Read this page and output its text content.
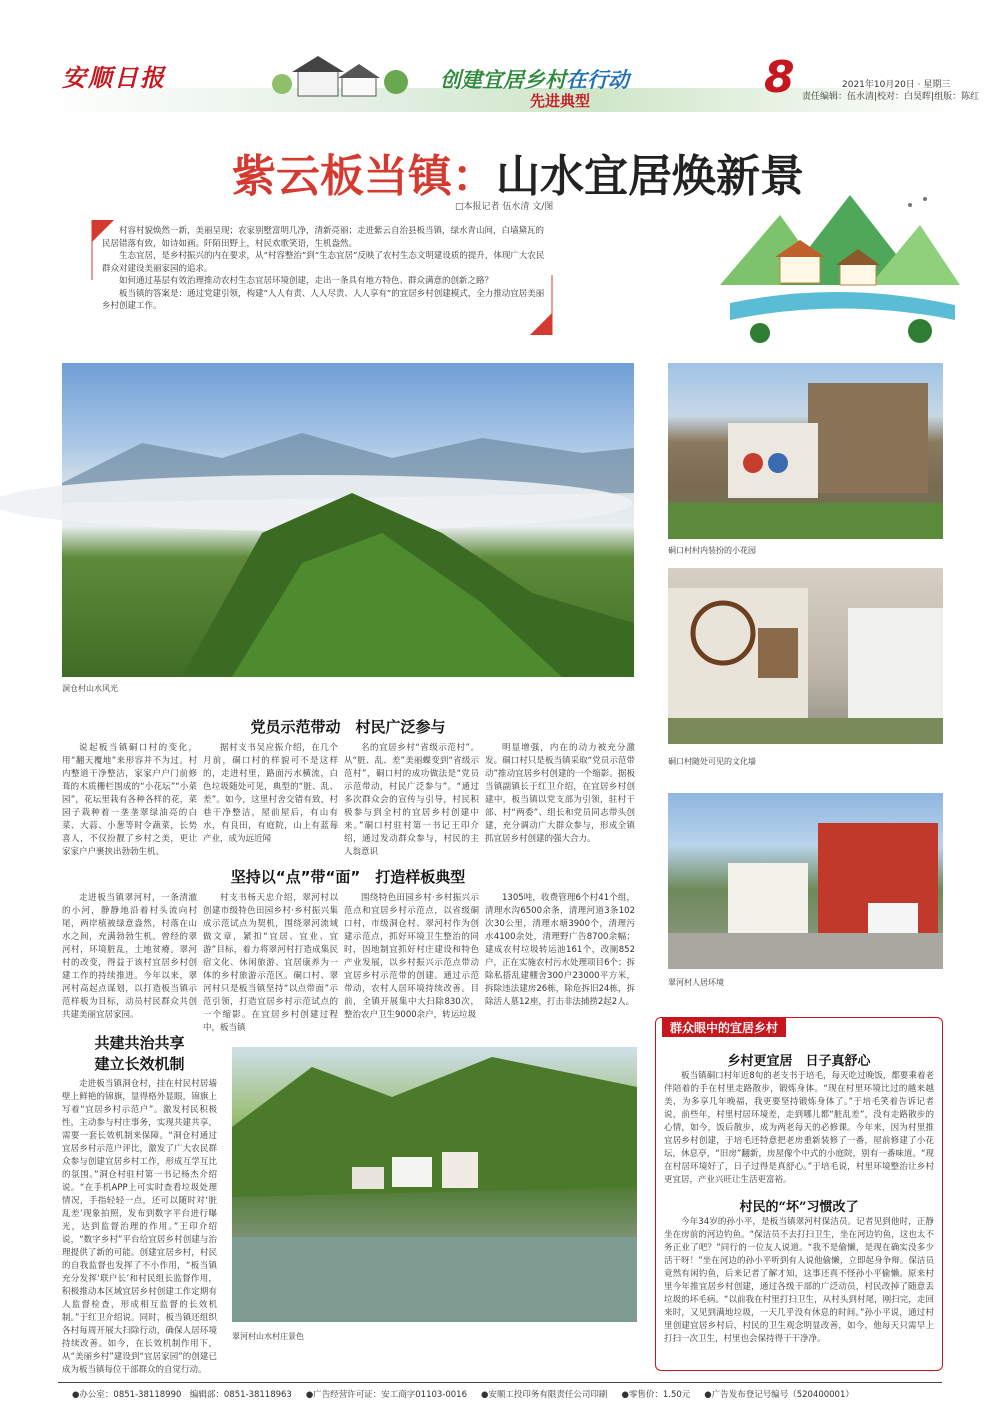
安顺日报	创建宜居乡村在行动
先进典型	8	2021年10月20日 · 星期三
责任编辑：伍水清|校对：白昊晖|组版：陈红
紫云板当镇：山水宜居焕新景
□本报记者 伍水清 文/图

村容村貌焕然一新，美丽呈现；农家别墅富明几净，清新亮丽；走进紫云自治县板当镇，绿水青山间，白墙黛瓦的民居错落有致，如诗如画。阡陌田野上，村民欢歌笑语，生机盎然。

生态宜居，是乡村振兴的内在要求，从“村容整治”到“生态宜居”反映了农村生态文明建设质的提升，体现广大农民群众对建设美丽家园的追求。

如何通过基层有效治理推动农村生态宜居环境创建，走出一条具有地方特色、群众满意的创新之路？

板当镇的答案是：通过党建引领，构建“人人有责、人人尽责、人人享有”的宜居乡村创建模式，全力推动宜居美丽乡村创建工作。

洞仓村山水风光
硐口村村内装扮的小花园
硐口村随处可见的文化墙
翠河村人居环境
党员示范带动　村民广泛参与

说起板当镇硐口村的变化，用“翻天覆地”来形容并不为过。村内整道干净整洁，家家户户门前修葺的木质栅栏围成的“小花坛”“小菜园”，花坛里栽有各种各样的花，菜园子栽种着一垄垄翠绿油亮的白菜、大蒜、小葱等时令蔬菜，长势喜人，不仅扮靓了乡村之美，更让家家户户裹挟出勃勃生机。

据村支书吴应振介绍，在几个月前，硐口村的样貌可不是这样的，走进村里，路面污水横流，白色垃圾随处可见，典型的“脏、乱、差”。如今，这里村舍交错有致，村巷干净整洁，屋前屋后，有山有水，有良田，有庭院，山上有蓝莓产业，成为远近闻

名的宜居乡村“省级示范村”。从“脏、乱、差”美丽蝶变到“省级示范村”，硐口村的成功做法是“党员示范带动，村民广泛参与”。“通过多次群众会的宣传与引导，村民积极参与到全村的宜居乡村创建中来。”硐口村驻村第一书记王印介绍，通过发动群众参与，村民的主人翁意识

明显增强，内在的动力被充分激发。硐口村只是板当镇采取“党员示范带动”推动宜居乡村创建的一个缩影。据板当镇副镇长于红卫介绍，在宜居乡村创建中，板当镇以党支部为引领，驻村干部、村“两委”、组长和党员同志带头创建，充分调动广大群众参与，形成全镇抓宜居乡村创建的强大合力。

坚持以“点”带“面”　打造样板典型

走进板当镇翠河村，一条清澈的小河，静静地沿着村头流向村尾，两岸植被绿意盎然，村落在山水之间，充满勃勃生机。曾经的翠河村，环境脏乱，土地贫瘠。翠河村的改变，得益于该村宜居乡村创建工作的持续推进。今年以来，翠河村高起点谋划，以打造板当镇示范样板为目标，动员村民群众共创共建美丽宜居家园。

村支书杨天忠介绍，翠河村以创建市级特色田园乡村·乡村振兴集成示范试点为契机，围绕翠河流域做文章，紧扣“宜居、宜业、宜游”目标，着力将翠河村打造成集民宿文化、休闲旅游、宜居康养为一体的乡村旅游示范区。硐口村、翠河村只是板当镇坚持“以点带面”示范引领，打造宜居乡村示范试点的一个缩影。在宜居乡村创建过程中，板当镇

围绕特色田园乡村·乡村振兴示范点和宜居乡村示范点，以省级硐口村，市级洞仓村、翠河村作为创建示范点，抓好环境卫生整治的同时，因地制宜抓好村庄建设和特色产业发展，以乡村振兴示范点带动宜居乡村示范带的创建。通过示范带动，农村人居环境持续改善。目前，全镇开展集中大扫除830次，整治农户卫生9000余户，转运垃圾

1305吨，收费管理6个村41个组，清理水沟6500余条，清理河道3条102次30公里，清理水塘3900个，清理污水4100余处，清理野广告8700余幅；建成农村垃圾转运池161个，改厕852户，正在实施农村污水处理项目6个；拆除私搭乱建棚舍300户23000平方米，拆除违法建房26栋，除危拆旧24栋，拆除活人墓12座，打击非法捕捞2起2人。

共建共治共享
建立长效机制

走进板当镇洞仓村，挂在村民村居墙壁上鲜艳的锦旗，显得格外显眼，锦旗上写着“宜居乡村示范户”。激发村民积极性，主动参与村庄事务，实现共建共享，需要一套长效机制来保障。“洞仓村通过宜居乡村示范户评比，激发了广大农民群众参与创建宜居乡村工作，形成互学互比的氛围。”洞仓村驻村第一书记杨杰介绍说。“在手机APP上可实时查看垃圾处理情况，手指轻轻一点，还可以随时对‘脏乱差’现象拍照，发布到数字平台进行曝光，达到监督治理的作用。”王印介绍说，“数字乡村”平台给宜居乡村创建与治理提供了新的可能。创建宜居乡村，村民的自我监督也发挥了不小作用，“板当镇充分发挥‘联户长’和村民组长监督作用，积极推动本区域宜居乡村创建工作定期有人监督检查，形成相互监督的长效机制。”于红卫介绍说。同时，板当镇还组织各村每周开展大扫除行动，确保人居环境持续改善。如今，在长效机制作用下，从“美丽乡村”建设到“宜居家园”的创建已成为板当镇每位干部群众的自觉行动。

翠河村山水村庄景色
群众眼中的宜居乡村
乡村更宜居　日子真舒心

板当镇硐口村年近8旬的老支书于培毛，每天吃过晚饭，都要乘着老伴陪着的手在村里走路散步，锻炼身体。“现在村里环境比过的越来越美，为多享几年晚福，我更要坚持锻炼身体了。”于培毛笑着告诉记者说，前些年，村里村居环境差，走到哪儿都“脏乱差”，没有走路散步的心情，如今，饭后散步，成为两老每天的必修课。今年来，因为村里推宜居乡村创建，于培毛还特意把老房重新装修了一番，屋前修建了小花坛，休息亭，“旧房”翻新，房屋像个中式的小庭院，别有一番味道。“现在村居环境好了，日子过得是真舒心。”于培毛说，村里环境整治让乡村更宜居，产业兴旺让生活更富裕。

村民的“坏”习惯改了

今年34岁的孙小平，是板当镇翠河村保洁员。记者见到他时，正静坐在房前的河边钓鱼。“保洁员不去打扫卫生，坐在河边钓鱼，这也太不务正业了吧？”同行的一位友人说道。“我不是偷懒，是现在确实没多少活干呀！”坐在河边的孙小平听到有人说他偷懒，立即起身争辩。保洁员竟然有闲钓鱼，后来记者了解才知，这事还真不怪孙小平偷懒。原来村里今年推宜居乡村创建，通过各级干部的广泛动员，村民改掉了随意丢垃圾的坏毛病。“以前我在村里打扫卫生，从村头到村尾，刚扫完，走回来时，又见到满地垃圾，一天几乎没有休息的时间。”孙小平说，通过村里创建宜居乡村后，村民的卫生观念明显改善，如今，他每天只需早上打扫一次卫生，村里也会保持得干干净净。

●办公室：0851-38118990　编辑部：0851-38118963 ●广告经营许可证：安工商字01103-0016 ●安顺工投印务有限责任公司印刷 ●零售价：1.50元 ●广告发布登记号编号（520400001）
